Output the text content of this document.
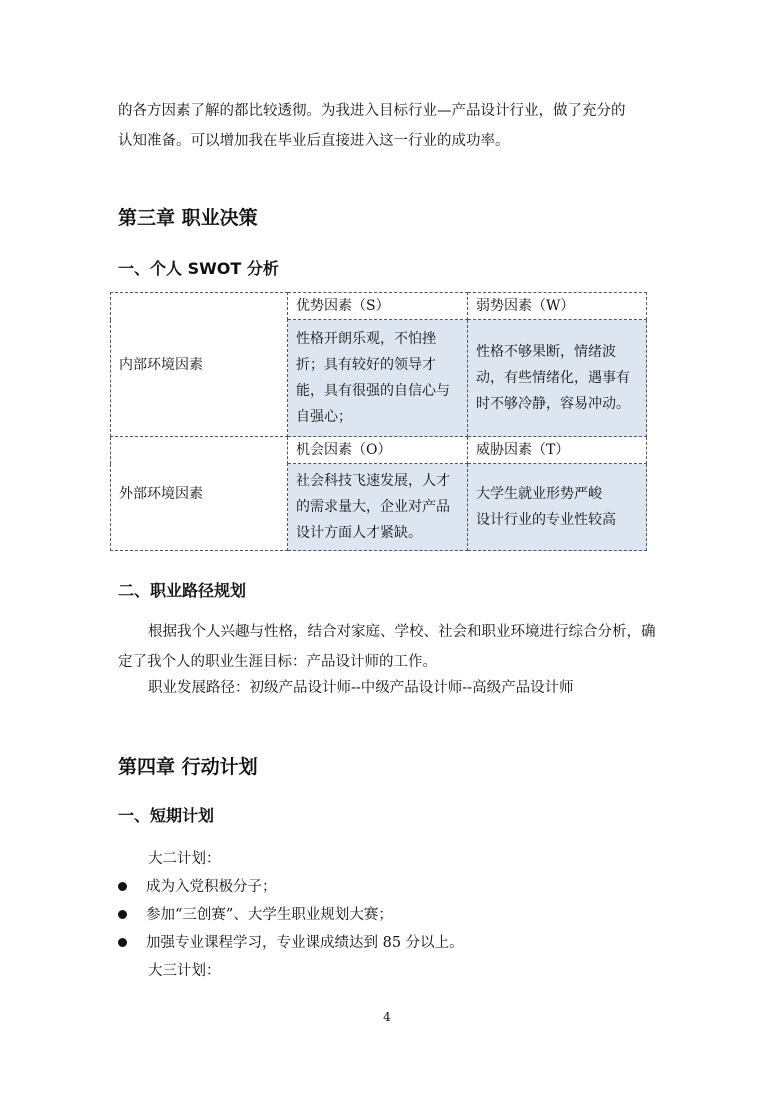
的各方因素了解的都比较透彻。为我进入目标行业—产品设计行业，做了充分的

认知准备。可以增加我在毕业后直接进入这一行业的成功率。

第三章 职业决策
一、个人 SWOT 分析
内部环境因素	优势因素（S）	弱势因素（W）
	性格开朗乐观，不怕挫折；具有较好的领导才能，具有很强的自信心与自强心；	性格不够果断，情绪波动，有些情绪化，遇事有时不够冷静，容易冲动。
外部环境因素	机会因素（O）	威胁因素（T）
	社会科技飞速发展，人才的需求量大，企业对产品设计方面人才紧缺。	大学生就业形势严峻
设计行业的专业性较高
二、职业路径规划

根据我个人兴趣与性格，结合对家庭、学校、社会和职业环境进行综合分析，确定了我个人的职业生涯目标：产品设计师的工作。

职业发展路径：初级产品设计师--中级产品设计师--高级产品设计师

第四章 行动计划
一、短期计划

大二计划：

成为入党积极分子；
参加“三创赛”、大学生职业规划大赛；
加强专业课程学习，专业课成绩达到 85 分以上。

大三计划：

4
